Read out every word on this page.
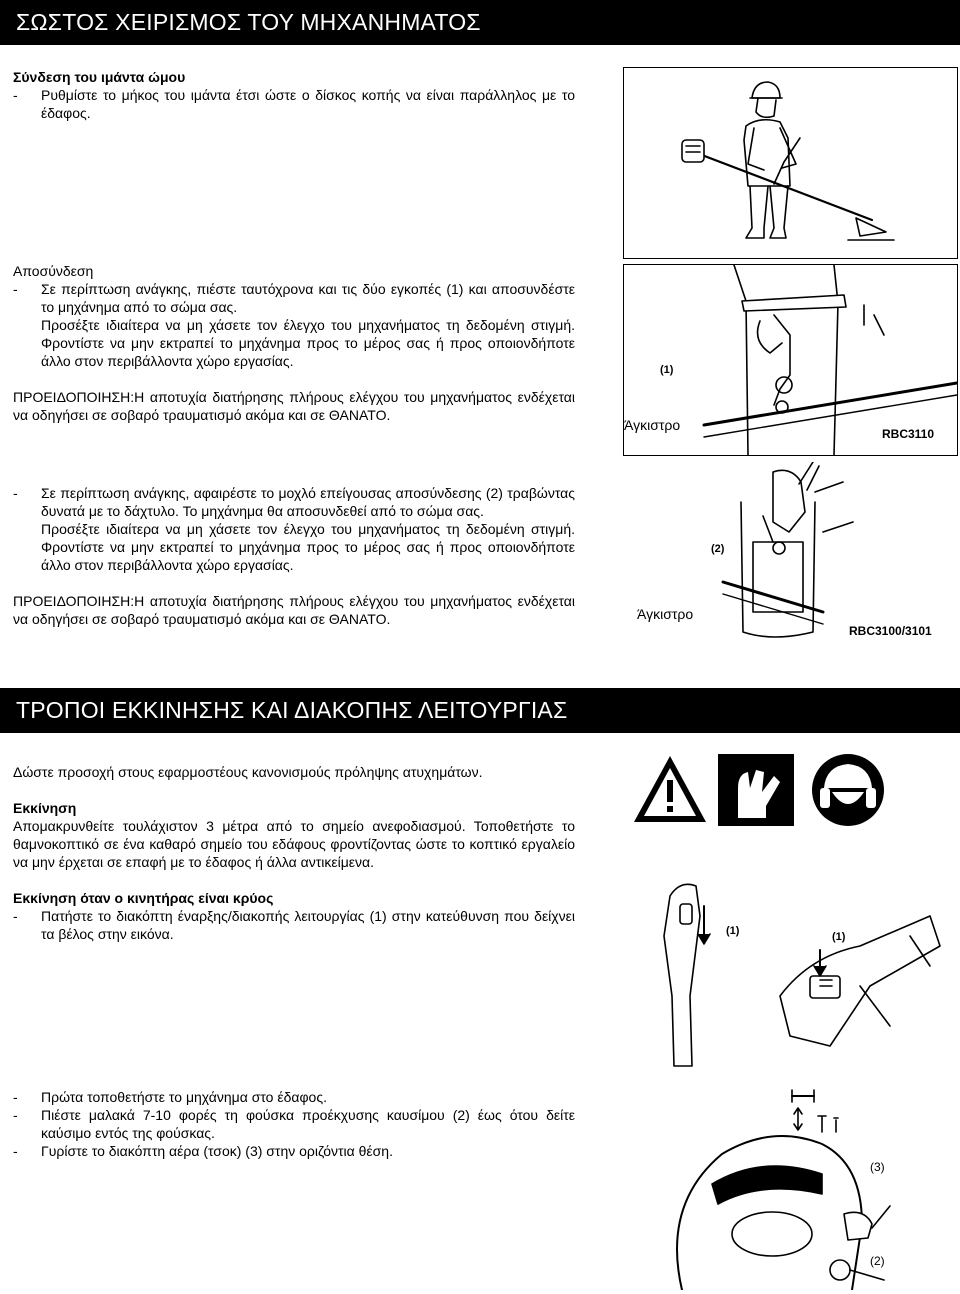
ΣΩΣΤΟΣ ΧΕΙΡΙΣΜΟΣ ΤΟΥ ΜΗΧΑΝΗΜΑΤΟΣ

Σύνδεση του ιμάντα ώμου

- Ρυθμίστε το μήκος του ιμάντα έτσι ώστε ο δίσκος κοπής να είναι παράλληλος με το έδαφος.

Αποσύνδεση

- Σε περίπτωση ανάγκης, πιέστε ταυτόχρονα και τις δύο εγκοπές (1) και αποσυνδέστε το μηχάνημα από το σώμα σας.

Προσέξτε ιδιαίτερα να μη χάσετε τον έλεγχο του μηχανήματος τη δεδομένη στιγμή. Φροντίστε να μην εκτραπεί το μηχάνημα προς το μέρος σας ή προς οποιονδήποτε άλλο στον περιβάλλοντα χώρο εργασίας.

ΠΡΟΕΙΔΟΠΟΙΗΣΗ:Η αποτυχία διατήρησης πλήρους ελέγχου του μηχανήματος ενδέχεται να οδηγήσει σε σοβαρό τραυματισμό ακόμα και σε ΘΑΝΑΤΟ.

(1)
Άγκιστρο
RBC3110
- Σε περίπτωση ανάγκης, αφαιρέστε το μοχλό επείγουσας αποσύνδεσης (2) τραβώντας δυνατά με το δάχτυλο. Το μηχάνημα θα αποσυνδεθεί από το σώμα σας.

Προσέξτε ιδιαίτερα να μη χάσετε τον έλεγχο του μηχανήματος τη δεδομένη στιγμή. Φροντίστε να μην εκτραπεί το μηχάνημα προς το μέρος σας ή προς οποιονδήποτε άλλο στον περιβάλλοντα χώρο εργασίας.

ΠΡΟΕΙΔΟΠΟΙΗΣΗ:Η αποτυχία διατήρησης πλήρους ελέγχου του μηχανήματος ενδέχεται να οδηγήσει σε σοβαρό τραυματισμό ακόμα και σε ΘΑΝΑΤΟ.

(2)
Άγκιστρο
RBC3100/3101
ΤΡΟΠΟΙ ΕΚΚΙΝΗΣΗΣ ΚΑΙ ΔΙΑΚΟΠΗΣ ΛΕΙΤΟΥΡΓΙΑΣ

Δώστε προσοχή στους εφαρμοστέους κανονισμούς πρόληψης ατυχημάτων.

Εκκίνηση

Απομακρυνθείτε τουλάχιστον 3 μέτρα από το σημείο ανεφοδιασμού. Τοποθετήστε το θαμνοκοπτικό σε ένα καθαρό σημείο του εδάφους φροντίζοντας ώστε το κοπτικό εργαλείο να μην έρχεται σε επαφή με το έδαφος ή άλλα αντικείμενα.

Εκκίνηση όταν ο κινητήρας είναι κρύος

- Πατήστε το διακόπτη έναρξης/διακοπής λειτουργίας (1) στην κατεύθυνση που δείχνει τα βέλος στην εικόνα.	(1)	(1)
- Πρώτα τοποθετήστε το μηχάνημα στο έδαφος.
- Πιέστε μαλακά 7-10 φορές τη φούσκα προέκχυσης καυσίμου (2) έως ότου δείτε καύσιμο εντός της φούσκας.
- Γυρίστε το διακόπτη αέρα (τσοκ) (3) στην οριζόντια θέση.
(3)
(2)
